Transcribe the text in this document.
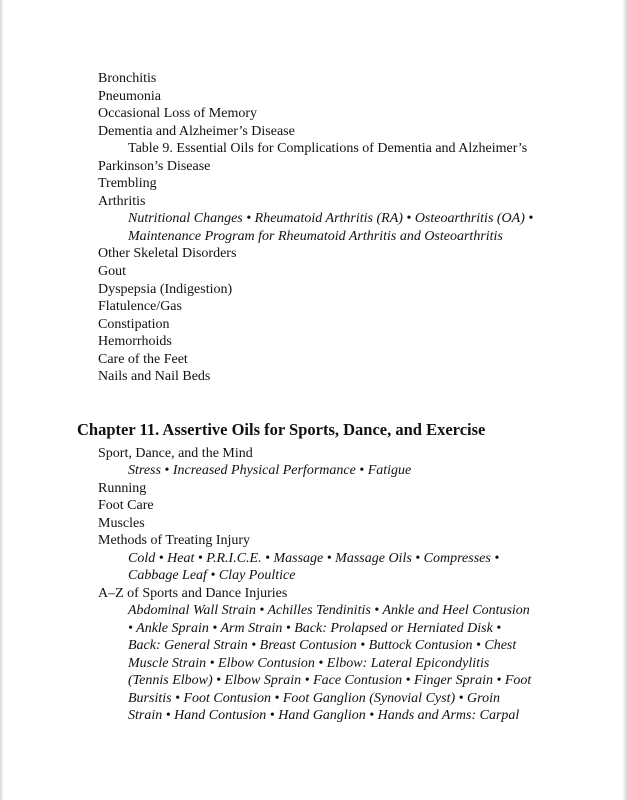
Bronchitis
Pneumonia
Occasional Loss of Memory
Dementia and Alzheimer’s Disease
Table 9. Essential Oils for Complications of Dementia and Alzheimer’s
Parkinson’s Disease
Trembling
Arthritis
Nutritional Changes • Rheumatoid Arthritis (RA) • Osteoarthritis (OA) •
Maintenance Program for Rheumatoid Arthritis and Osteoarthritis
Other Skeletal Disorders
Gout
Dyspepsia (Indigestion)
Flatulence/Gas
Constipation
Hemorrhoids
Care of the Feet
Nails and Nail Beds
Chapter 11. Assertive Oils for Sports, Dance, and Exercise
Sport, Dance, and the Mind
Stress • Increased Physical Performance • Fatigue
Running
Foot Care
Muscles
Methods of Treating Injury
Cold • Heat • P.R.I.C.E. • Massage • Massage Oils • Compresses •
Cabbage Leaf • Clay Poultice
A–Z of Sports and Dance Injuries
Abdominal Wall Strain • Achilles Tendinitis • Ankle and Heel Contusion
• Ankle Sprain • Arm Strain • Back: Prolapsed or Herniated Disk •
Back: General Strain • Breast Contusion • Buttock Contusion • Chest
Muscle Strain • Elbow Contusion • Elbow: Lateral Epicondylitis
(Tennis Elbow) • Elbow Sprain • Face Contusion • Finger Sprain • Foot
Bursitis • Foot Contusion • Foot Ganglion (Synovial Cyst) • Groin
Strain • Hand Contusion • Hand Ganglion • Hands and Arms: Carpal
